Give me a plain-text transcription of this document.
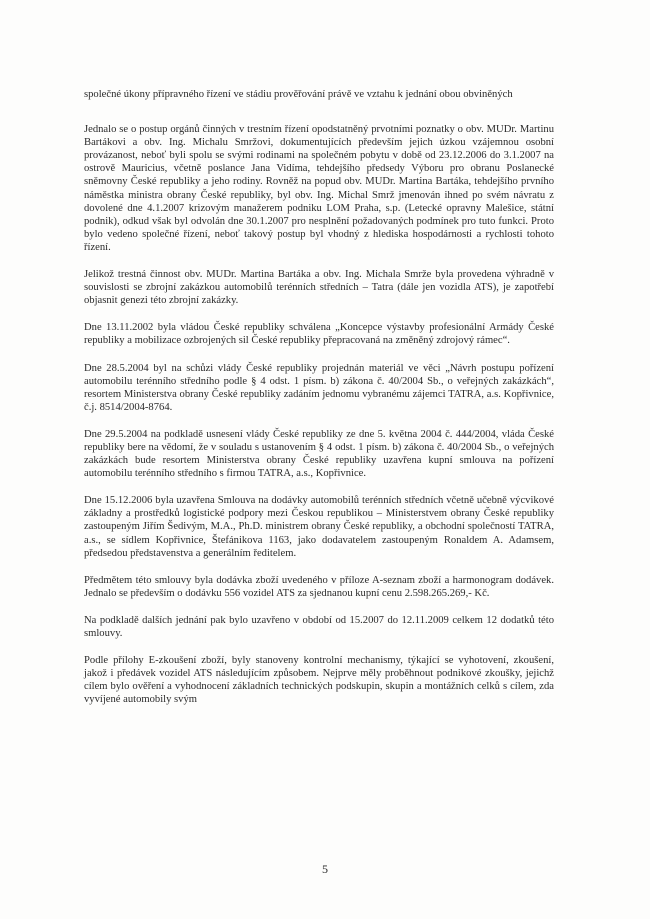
společné úkony přípravného řízení ve stádiu prověřování právě ve vztahu k jednání obou obviněných

Jednalo se o postup orgánů činných v trestním řízení opodstatněný prvotními poznatky o obv. MUDr. Martinu Bartákovi a obv. Ing. Michalu Smržovi, dokumentujících především jejich úzkou vzájemnou osobní provázanost, neboť byli spolu se svými rodinami na společném pobytu v době od 23.12.2006 do 3.1.2007 na ostrově Mauricius, včetně poslance Jana Vidíma, tehdejšího předsedy Výboru pro obranu Poslanecké sněmovny České republiky a jeho rodiny. Rovněž na popud obv. MUDr. Martina Bartáka, tehdejšího prvního náměstka ministra obrany České republiky, byl obv. Ing. Michal Smrž jmenován ihned po svém návratu z dovolené dne 4.1.2007 krizovým manažerem podniku LOM Praha, s.p. (Letecké opravny Malešice, státní podnik), odkud však byl odvolán dne 30.1.2007 pro nesplnění požadovaných podmínek pro tuto funkci. Proto bylo vedeno společné řízení, neboť takový postup byl vhodný z hlediska hospodárnosti a rychlosti tohoto řízení.

Jelikož trestná činnost obv. MUDr. Martina Bartáka a obv. Ing. Michala Smrže byla provedena výhradně v souvislosti se zbrojní zakázkou automobilů terénních středních – Tatra (dále jen vozidla ATS), je zapotřebí objasnit genezi této zbrojní zakázky.

Dne 13.11.2002 byla vládou České republiky schválena „Koncepce výstavby profesionální Armády České republiky a mobilizace ozbrojených sil České republiky přepracovaná na změněný zdrojový rámec“.

Dne 28.5.2004 byl na schůzi vlády České republiky projednán materiál ve věci „Návrh postupu pořízení automobilu terénního středního podle § 4 odst. 1 písm. b) zákona č. 40/2004 Sb., o veřejných zakázkách“, resortem Ministerstva obrany České republiky zadáním jednomu vybranému zájemci TATRA, a.s. Kopřivnice, č.j. 8514/2004-8764.

Dne 29.5.2004 na podkladě usnesení vlády České republiky ze dne 5. května 2004 č. 444/2004, vláda České republiky bere na vědomí, že v souladu s ustanovením § 4 odst. 1 písm. b) zákona č. 40/2004 Sb., o veřejných zakázkách bude resortem Ministerstva obrany České republiky uzavřena kupní smlouva na pořízení automobilu terénního středního s firmou TATRA, a.s., Kopřivnice.

Dne 15.12.2006 byla uzavřena Smlouva na dodávky automobilů terénních středních včetně učebně výcvikové základny a prostředků logistické podpory mezi Českou republikou – Ministerstvem obrany České republiky zastoupeným Jiřím Šedivým, M.A., Ph.D. ministrem obrany České republiky, a obchodní společností TATRA, a.s., se sídlem Kopřivnice, Štefánikova 1163, jako dodavatelem zastoupeným Ronaldem A. Adamsem, předsedou představenstva a generálním ředitelem.

Předmětem této smlouvy byla dodávka zboží uvedeného v příloze A-seznam zboží a harmonogram dodávek. Jednalo se především o dodávku 556 vozidel ATS za sjednanou kupní cenu 2.598.265.269,- Kč.

Na podkladě dalších jednání pak bylo uzavřeno v období od 15.2007 do 12.11.2009 celkem 12 dodatků této smlouvy.

Podle přílohy E-zkoušení zboží, byly stanoveny kontrolní mechanismy, týkající se vyhotovení, zkoušení, jakož i předávek vozidel ATS následujícím způsobem. Nejprve měly proběhnout podnikové zkoušky, jejichž cílem bylo ověření a vyhodnocení základních technických podskupin, skupin a montážních celků s cílem, zda vyvíjené automobily svým

5
